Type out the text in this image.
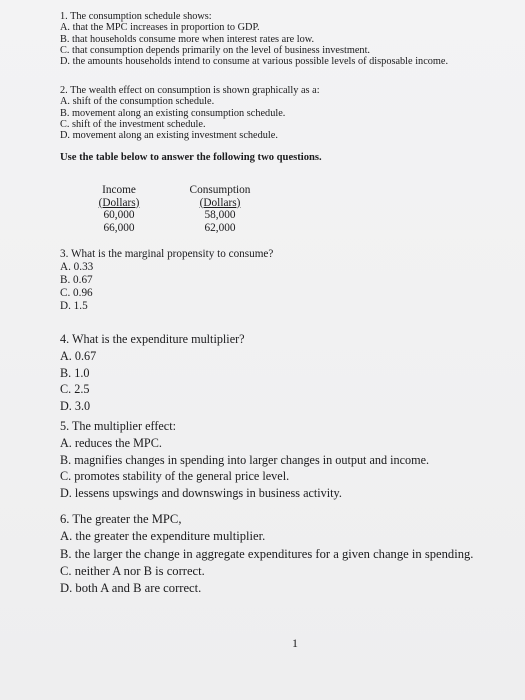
1. The consumption schedule shows:
A. that the MPC increases in proportion to GDP.
B. that households consume more when interest rates are low.
C. that consumption depends primarily on the level of business investment.
D. the amounts households intend to consume at various possible levels of disposable income.
2. The wealth effect on consumption is shown graphically as a:
A. shift of the consumption schedule.
B. movement along an existing consumption schedule.
C. shift of the investment schedule.
D. movement along an existing investment schedule.
Use the table below to answer the following two questions.
Income
(Dollars)
60,000
66,000
Consumption
(Dollars)
58,000
62,000
3. What is the marginal propensity to consume?
A. 0.33
B. 0.67
C. 0.96
D. 1.5
4. What is the expenditure multiplier?
A. 0.67
B. 1.0
C. 2.5
D. 3.0
5. The multiplier effect:
A. reduces the MPC.
B. magnifies changes in spending into larger changes in output and income.
C. promotes stability of the general price level.
D. lessens upswings and downswings in business activity.
6. The greater the MPC,
A. the greater the expenditure multiplier.
B. the larger the change in aggregate expenditures for a given change in spending.
C. neither A nor B is correct.
D. both A and B are correct.
1
